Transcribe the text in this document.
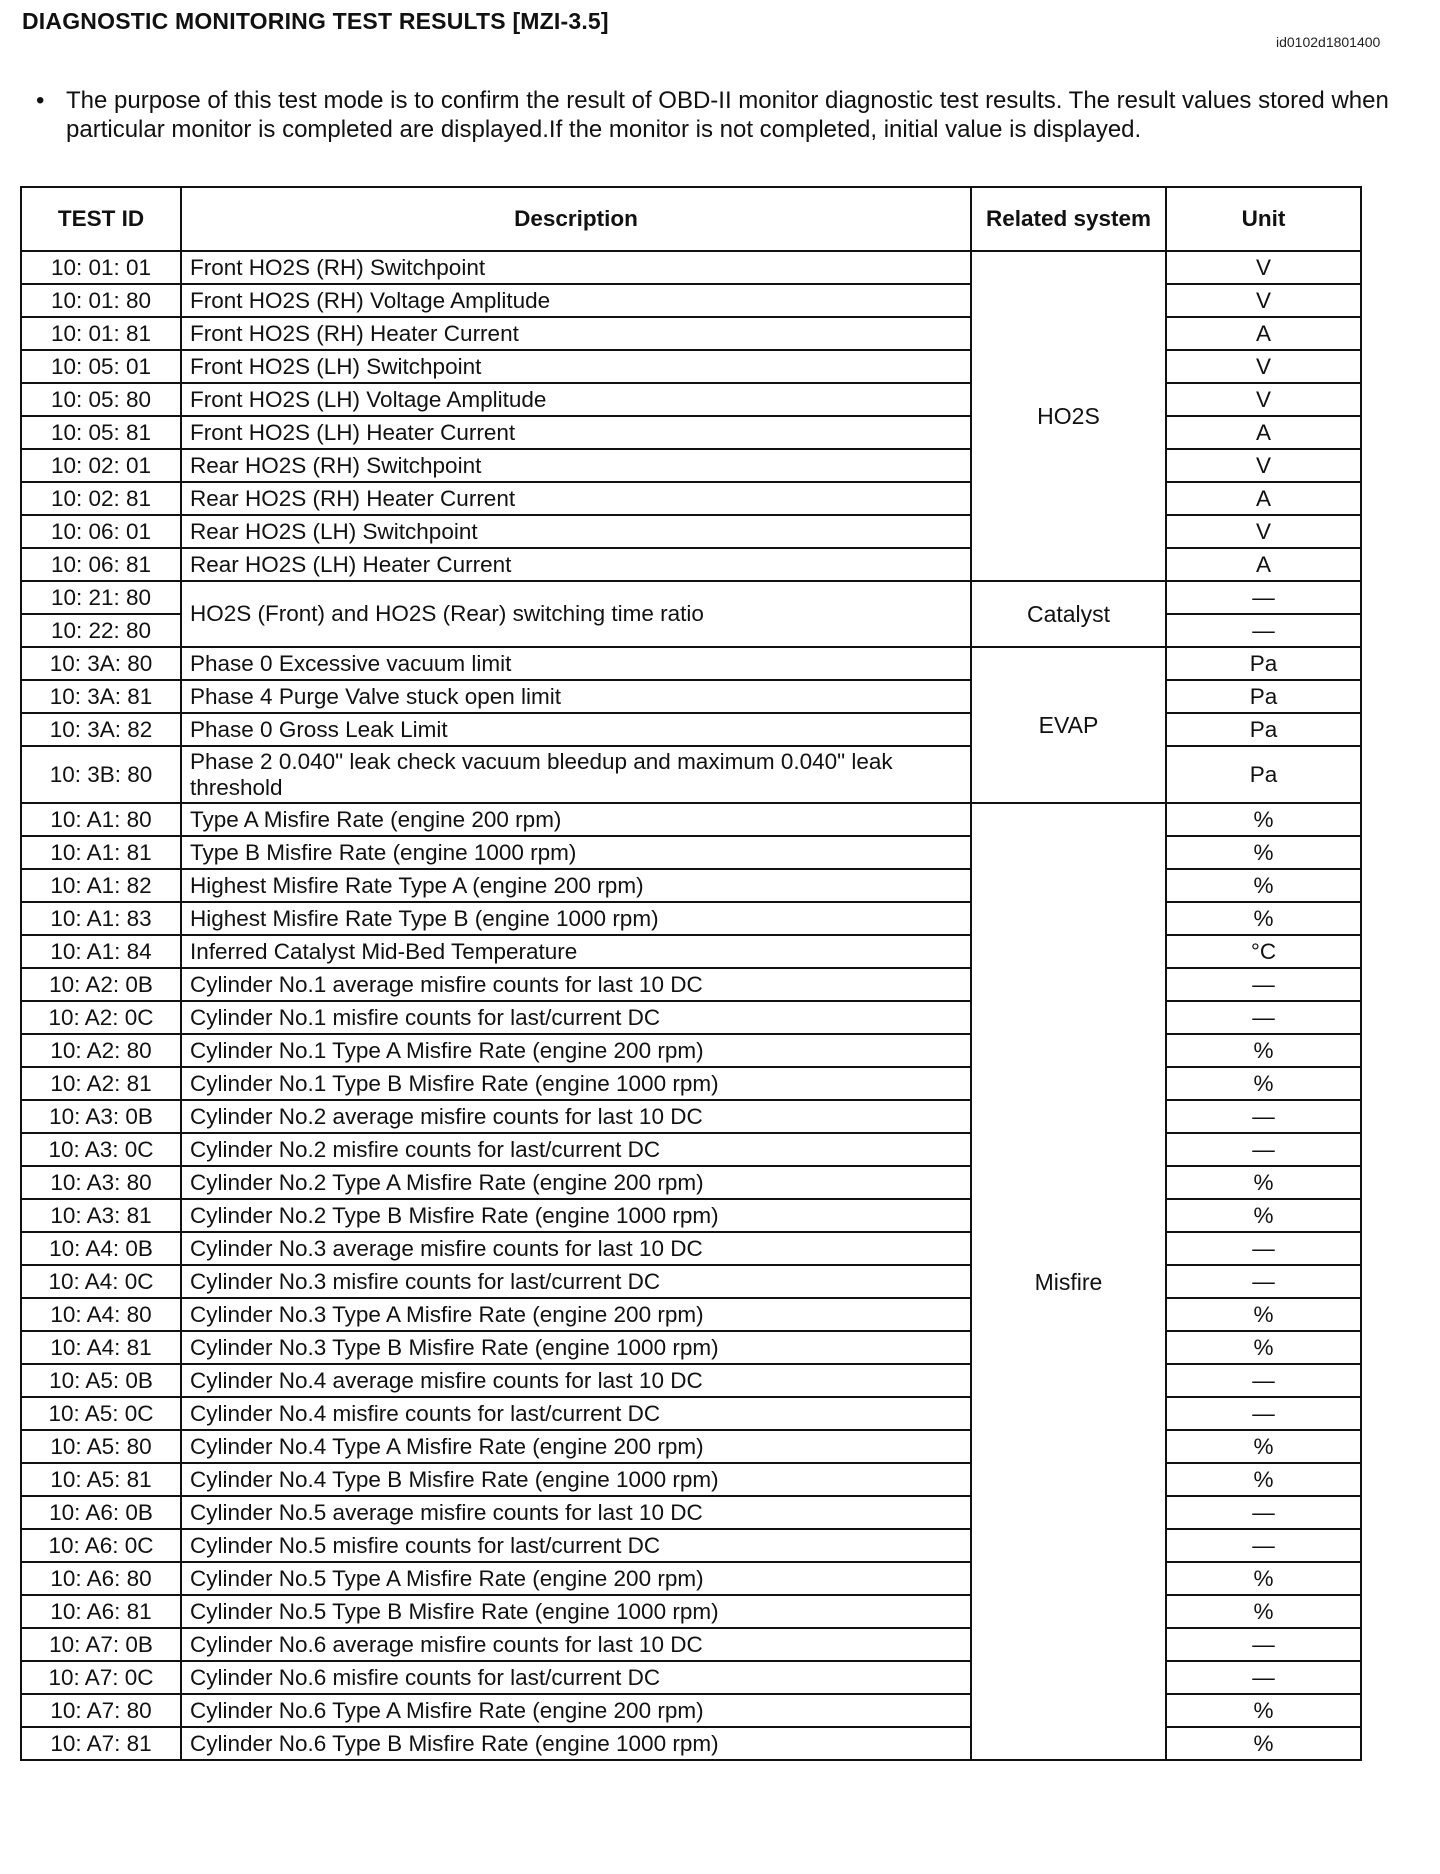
DIAGNOSTIC MONITORING TEST RESULTS [MZI-3.5]
id0102d1801400
• The purpose of this test mode is to confirm the result of OBD-II monitor diagnostic test results. The result values stored when particular monitor is completed are displayed.If the monitor is not completed, initial value is displayed.
TEST ID	Description	Related system	Unit
10: 01: 01	Front HO2S (RH) Switchpoint	HO2S	V
10: 01: 80	Front HO2S (RH) Voltage Amplitude		V
10: 01: 81	Front HO2S (RH) Heater Current		A
10: 05: 01	Front HO2S (LH) Switchpoint		V
10: 05: 80	Front HO2S (LH) Voltage Amplitude		V
10: 05: 81	Front HO2S (LH) Heater Current		A
10: 02: 01	Rear HO2S (RH) Switchpoint		V
10: 02: 81	Rear HO2S (RH) Heater Current		A
10: 06: 01	Rear HO2S (LH) Switchpoint		V
10: 06: 81	Rear HO2S (LH) Heater Current		A
10: 21: 80	HO2S (Front) and HO2S (Rear) switching time ratio	Catalyst	—
10: 22: 80			—
10: 3A: 80	Phase 0 Excessive vacuum limit	EVAP	Pa
10: 3A: 81	Phase 4 Purge Valve stuck open limit		Pa
10: 3A: 82	Phase 0 Gross Leak Limit		Pa
10: 3B: 80	Phase 2 0.040" leak check vacuum bleedup and maximum 0.040" leak threshold		Pa
10: A1: 80	Type A Misfire Rate (engine 200 rpm)	Misfire	%
10: A1: 81	Type B Misfire Rate (engine 1000 rpm)		%
10: A1: 82	Highest Misfire Rate Type A (engine 200 rpm)		%
10: A1: 83	Highest Misfire Rate Type B (engine 1000 rpm)		%
10: A1: 84	Inferred Catalyst Mid-Bed Temperature		°C
10: A2: 0B	Cylinder No.1 average misfire counts for last 10 DC		—
10: A2: 0C	Cylinder No.1 misfire counts for last/current DC		—
10: A2: 80	Cylinder No.1 Type A Misfire Rate (engine 200 rpm)		%
10: A2: 81	Cylinder No.1 Type B Misfire Rate (engine 1000 rpm)		%
10: A3: 0B	Cylinder No.2 average misfire counts for last 10 DC		—
10: A3: 0C	Cylinder No.2 misfire counts for last/current DC		—
10: A3: 80	Cylinder No.2 Type A Misfire Rate (engine 200 rpm)		%
10: A3: 81	Cylinder No.2 Type B Misfire Rate (engine 1000 rpm)		%
10: A4: 0B	Cylinder No.3 average misfire counts for last 10 DC		—
10: A4: 0C	Cylinder No.3 misfire counts for last/current DC		—
10: A4: 80	Cylinder No.3 Type A Misfire Rate (engine 200 rpm)		%
10: A4: 81	Cylinder No.3 Type B Misfire Rate (engine 1000 rpm)		%
10: A5: 0B	Cylinder No.4 average misfire counts for last 10 DC		—
10: A5: 0C	Cylinder No.4 misfire counts for last/current DC		—
10: A5: 80	Cylinder No.4 Type A Misfire Rate (engine 200 rpm)		%
10: A5: 81	Cylinder No.4 Type B Misfire Rate (engine 1000 rpm)		%
10: A6: 0B	Cylinder No.5 average misfire counts for last 10 DC		—
10: A6: 0C	Cylinder No.5 misfire counts for last/current DC		—
10: A6: 80	Cylinder No.5 Type A Misfire Rate (engine 200 rpm)		%
10: A6: 81	Cylinder No.5 Type B Misfire Rate (engine 1000 rpm)		%
10: A7: 0B	Cylinder No.6 average misfire counts for last 10 DC		—
10: A7: 0C	Cylinder No.6 misfire counts for last/current DC		—
10: A7: 80	Cylinder No.6 Type A Misfire Rate (engine 200 rpm)		%
10: A7: 81	Cylinder No.6 Type B Misfire Rate (engine 1000 rpm)		%
